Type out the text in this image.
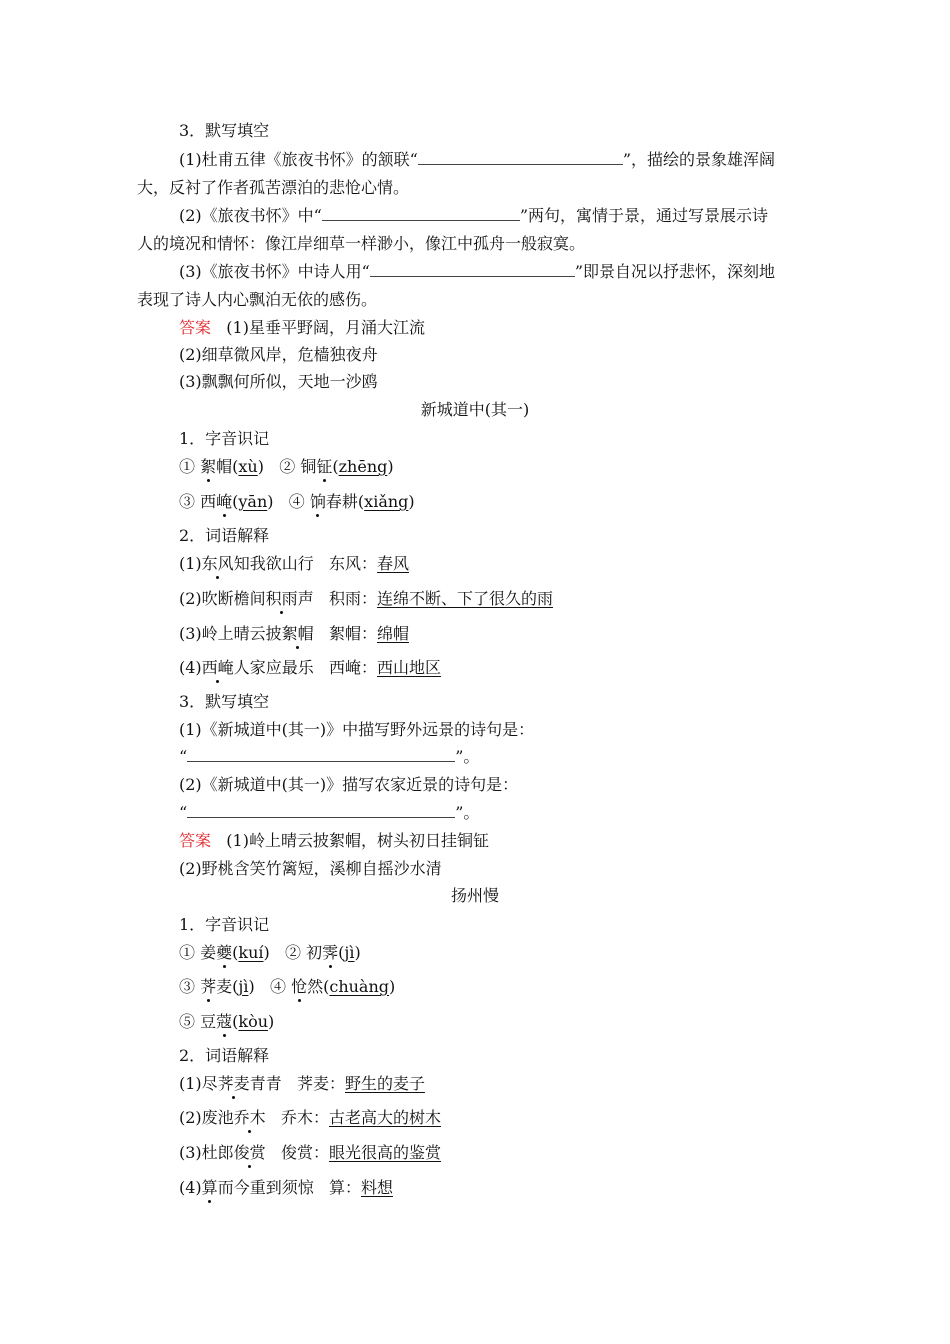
3．默写填空
(1)杜甫五律《旅夜书怀》的颔联“	”，描绘的景象雄浑阔
大，反衬了作者孤苦漂泊的悲怆心情。
(2)《旅夜书怀》中“	”两句，寓情于景，通过写景展示诗
人的境况和情怀：像江岸细草一样渺小，像江中孤舟一般寂寞。
(3)《旅夜书怀》中诗人用“	”即景自况以抒悲怀，深刻地
表现了诗人内心飘泊无依的感伤。
答案 (1)星垂平野阔，月涌大江流
(2)细草微风岸，危樯独夜舟
(3)飘飘何所似，天地一沙鸥
新城道中(其一)
1．字音识记
① 絮帽(xù)   ② 铜钲(zhēng)
③ 西崦(yān)   ④ 饷春耕(xiǎng)
2．词语解释
(1)东风知我欲山行 东风：春风
(2)吹断檐间积雨声 积雨：连绵不断、下了很久的雨
(3)岭上晴云披絮帽 絮帽：绵帽
(4)西崦人家应最乐 西崦：西山地区
3．默写填空
(1)《新城道中(其一)》中描写野外远景的诗句是：
“	”。
(2)《新城道中(其一)》描写农家近景的诗句是：
“	”。
答案 (1)岭上晴云披絮帽，树头初日挂铜钲
(2)野桃含笑竹篱短，溪柳自摇沙水清
扬州慢
1．字音识记
① 姜夔(kuí)   ② 初霁(jì)
③ 荠麦(jì)   ④ 怆然(chuàng)
⑤ 豆蔻(kòu)
2．词语解释
(1)尽荠麦青青 荠麦：野生的麦子
(2)废池乔木 乔木：古老高大的树木
(3)杜郎俊赏 俊赏：眼光很高的鉴赏
(4)算而今重到须惊 算：料想
